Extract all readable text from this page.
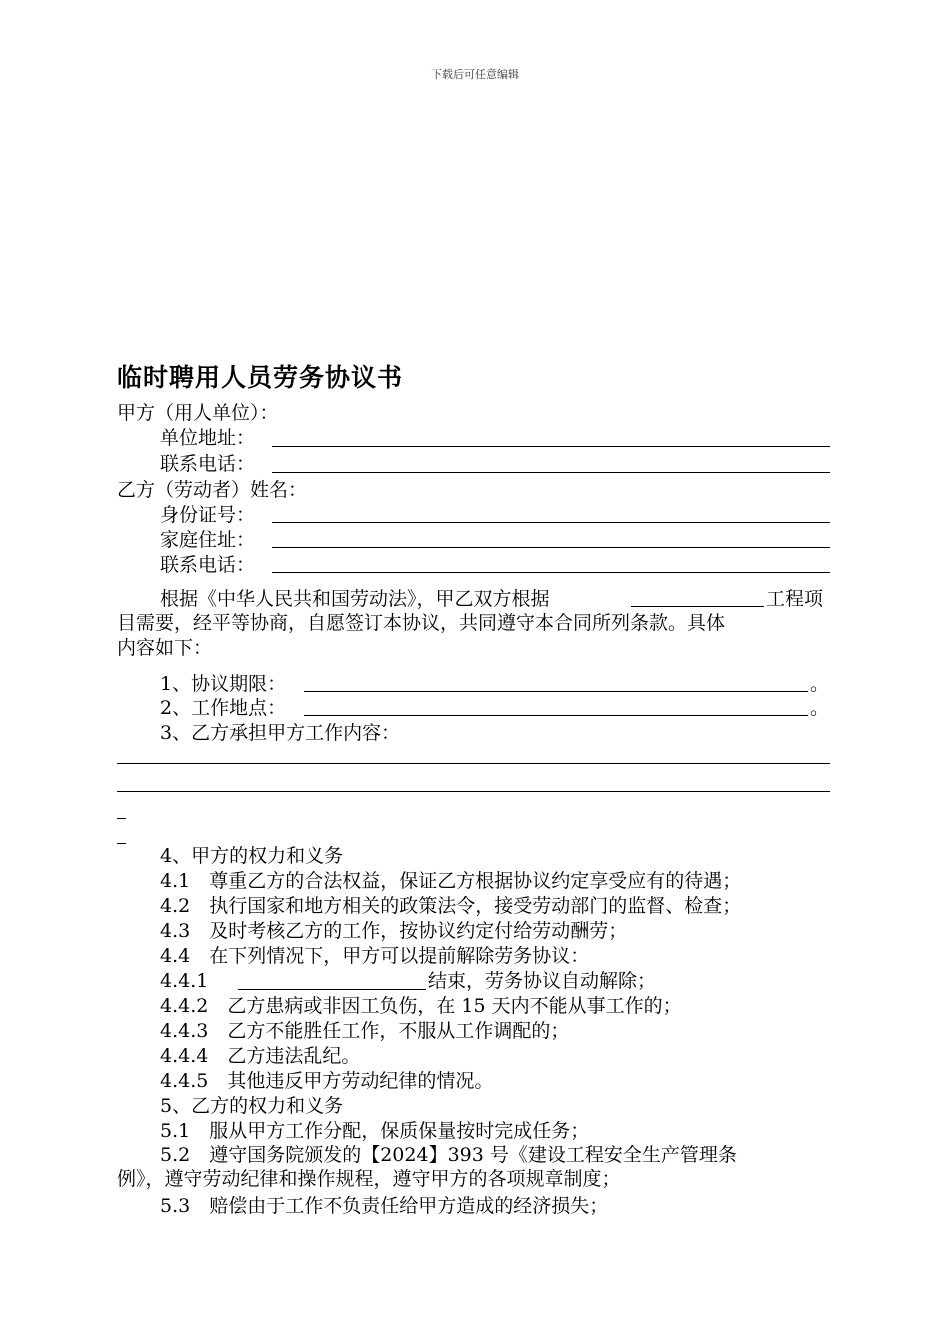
下载后可任意编辑
临时聘用人员劳务协议书
甲方（用人单位）：
单位地址：
联系电话：
乙方（劳动者）姓名：
身份证号：
家庭住址：
联系电话：
根据《中华人民共和国劳动法》，甲乙双方根据	工程项
目需要，经平等协商，自愿签订本协议，共同遵守本合同所列条款。具体
内容如下：
1、协议期限：	。
2、工作地点：	。
3、乙方承担甲方工作内容：
4、甲方的权力和义务
4.1　尊重乙方的合法权益，保证乙方根据协议约定享受应有的待遇；
4.2　执行国家和地方相关的政策法令，接受劳动部门的监督、检查；
4.3　及时考核乙方的工作，按协议约定付给劳动酬劳；
4.4　在下列情况下，甲方可以提前解除劳务协议：
4.4.1	结束，劳务协议自动解除；
4.4.2　乙方患病或非因工负伤，在 15 天内不能从事工作的；
4.4.3　乙方不能胜任工作，不服从工作调配的；
4.4.4　乙方违法乱纪。
4.4.5　其他违反甲方劳动纪律的情况。
5、乙方的权力和义务
5.1　服从甲方工作分配，保质保量按时完成任务；
5.2　遵守国务院颁发的【2024】393 号《建设工程安全生产管理条
例》，遵守劳动纪律和操作规程，遵守甲方的各项规章制度；
5.3　赔偿由于工作不负责任给甲方造成的经济损失；
